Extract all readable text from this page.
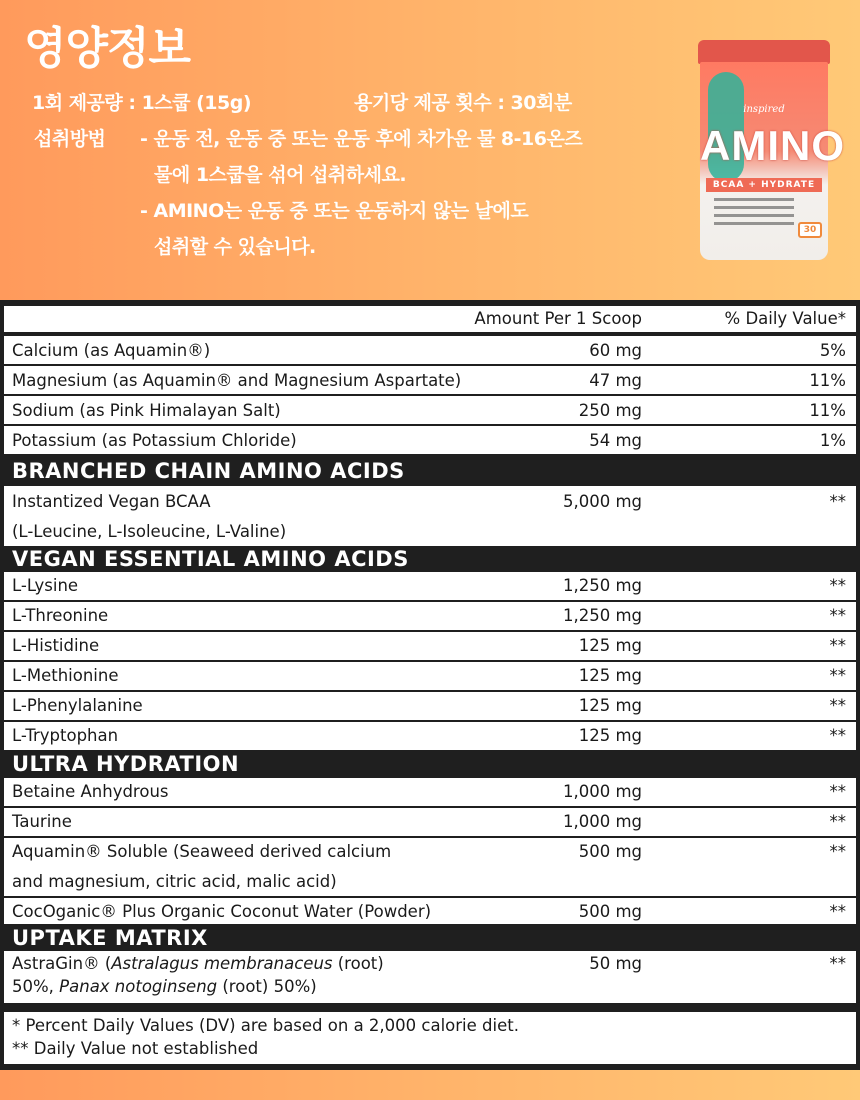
영양정보
1회 제공량 : 1스쿱 (15g)	용기당 제공 횟수 : 30회분
섭취방법 - 운동 전, 운동 중 또는 운동 후에 차가운 물 8-16온즈
물에 1스쿱을 섞어 섭취하세요.
- AMINO는 운동 중 또는 운동하지 않는 날에도
섭취할 수 있습니다.
inspired
AMINO
BCAA + HYDRATE
30
Amount Per 1 Scoop	% Daily Value*
Calcium (as Aquamin®)	60 mg	5%
Magnesium (as Aquamin® and Magnesium Aspartate)	47 mg	11%
Sodium (as Pink Himalayan Salt)	250 mg	11%
Potassium (as Potassium Chloride)	54 mg	1%
BRANCHED CHAIN AMINO ACIDS
Instantized Vegan BCAA
(L-Leucine, L-Isoleucine, L-Valine)
5,000 mg	**
VEGAN ESSENTIAL AMINO ACIDS
L-Lysine	1,250 mg	**
L-Threonine	1,250 mg	**
L-Histidine	125 mg	**
L-Methionine	125 mg	**
L-Phenylalanine	125 mg	**
L-Tryptophan	125 mg	**
ULTRA HYDRATION
Betaine Anhydrous	1,000 mg	**
Taurine	1,000 mg	**
Aquamin® Soluble (Seaweed derived calcium
and magnesium, citric acid, malic acid)
500 mg	**
CocOganic® Plus Organic Coconut Water (Powder)	500 mg	**
UPTAKE MATRIX
AstraGin® (Astralagus membranaceus (root)
50%, Panax notoginseng (root) 50%)
50 mg	**
* Percent Daily Values (DV) are based on a 2,000 calorie diet.
** Daily Value not established
